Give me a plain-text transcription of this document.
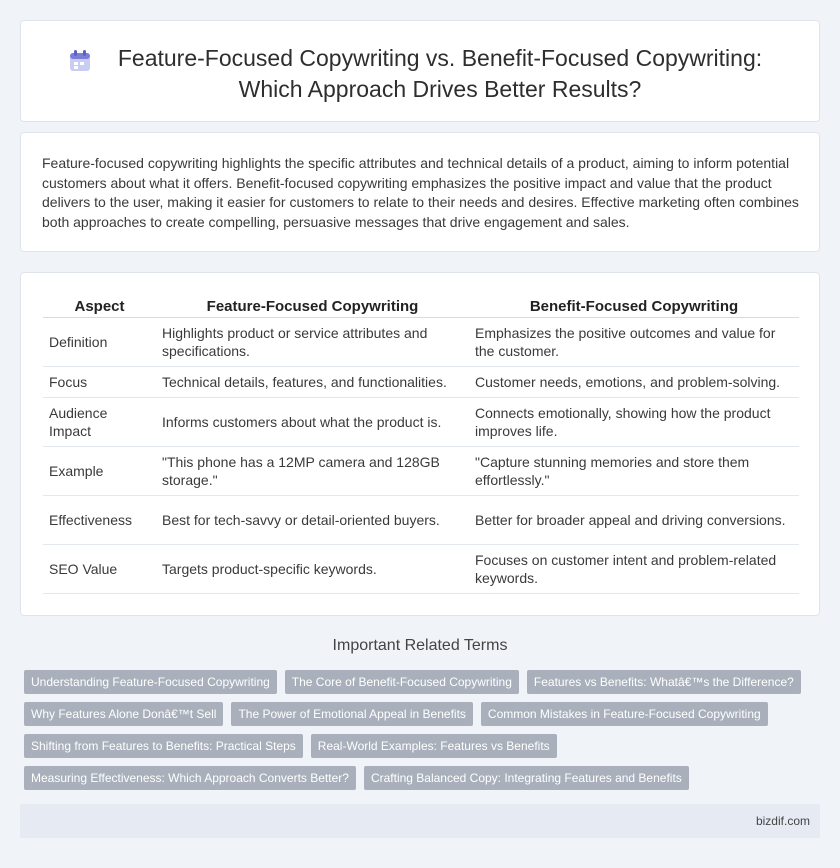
Feature-Focused Copywriting vs. Benefit-Focused Copywriting: Which Approach Drives Better Results?

Feature-focused copywriting highlights the specific attributes and technical details of a product, aiming to inform potential customers about what it offers. Benefit-focused copywriting emphasizes the positive impact and value that the product delivers to the user, making it easier for customers to relate to their needs and desires. Effective marketing often combines both approaches to create compelling, persuasive messages that drive engagement and sales.

Aspect	Feature-Focused Copywriting	Benefit-Focused Copywriting
Definition	Highlights product or service attributes and specifications.	Emphasizes the positive outcomes and value for the customer.
Focus	Technical details, features, and functionalities.	Customer needs, emotions, and problem-solving.
Audience Impact	Informs customers about what the product is.	Connects emotionally, showing how the product improves life.
Example	"This phone has a 12MP camera and 128GB storage."	"Capture stunning memories and store them effortlessly."
Effectiveness	Best for tech-savvy or detail-oriented buyers.	Better for broader appeal and driving conversions.
SEO Value	Targets product-specific keywords.	Focuses on customer intent and problem-related keywords.
Important Related Terms
Understanding Feature-Focused Copywriting	The Core of Benefit-Focused Copywriting	Features vs Benefits: Whatâ€™s the Difference?
Why Features Alone Donâ€™t Sell	The Power of Emotional Appeal in Benefits	Common Mistakes in Feature-Focused Copywriting
Shifting from Features to Benefits: Practical Steps	Real-World Examples: Features vs Benefits
Measuring Effectiveness: Which Approach Converts Better?	Crafting Balanced Copy: Integrating Features and Benefits
bizdif.com
